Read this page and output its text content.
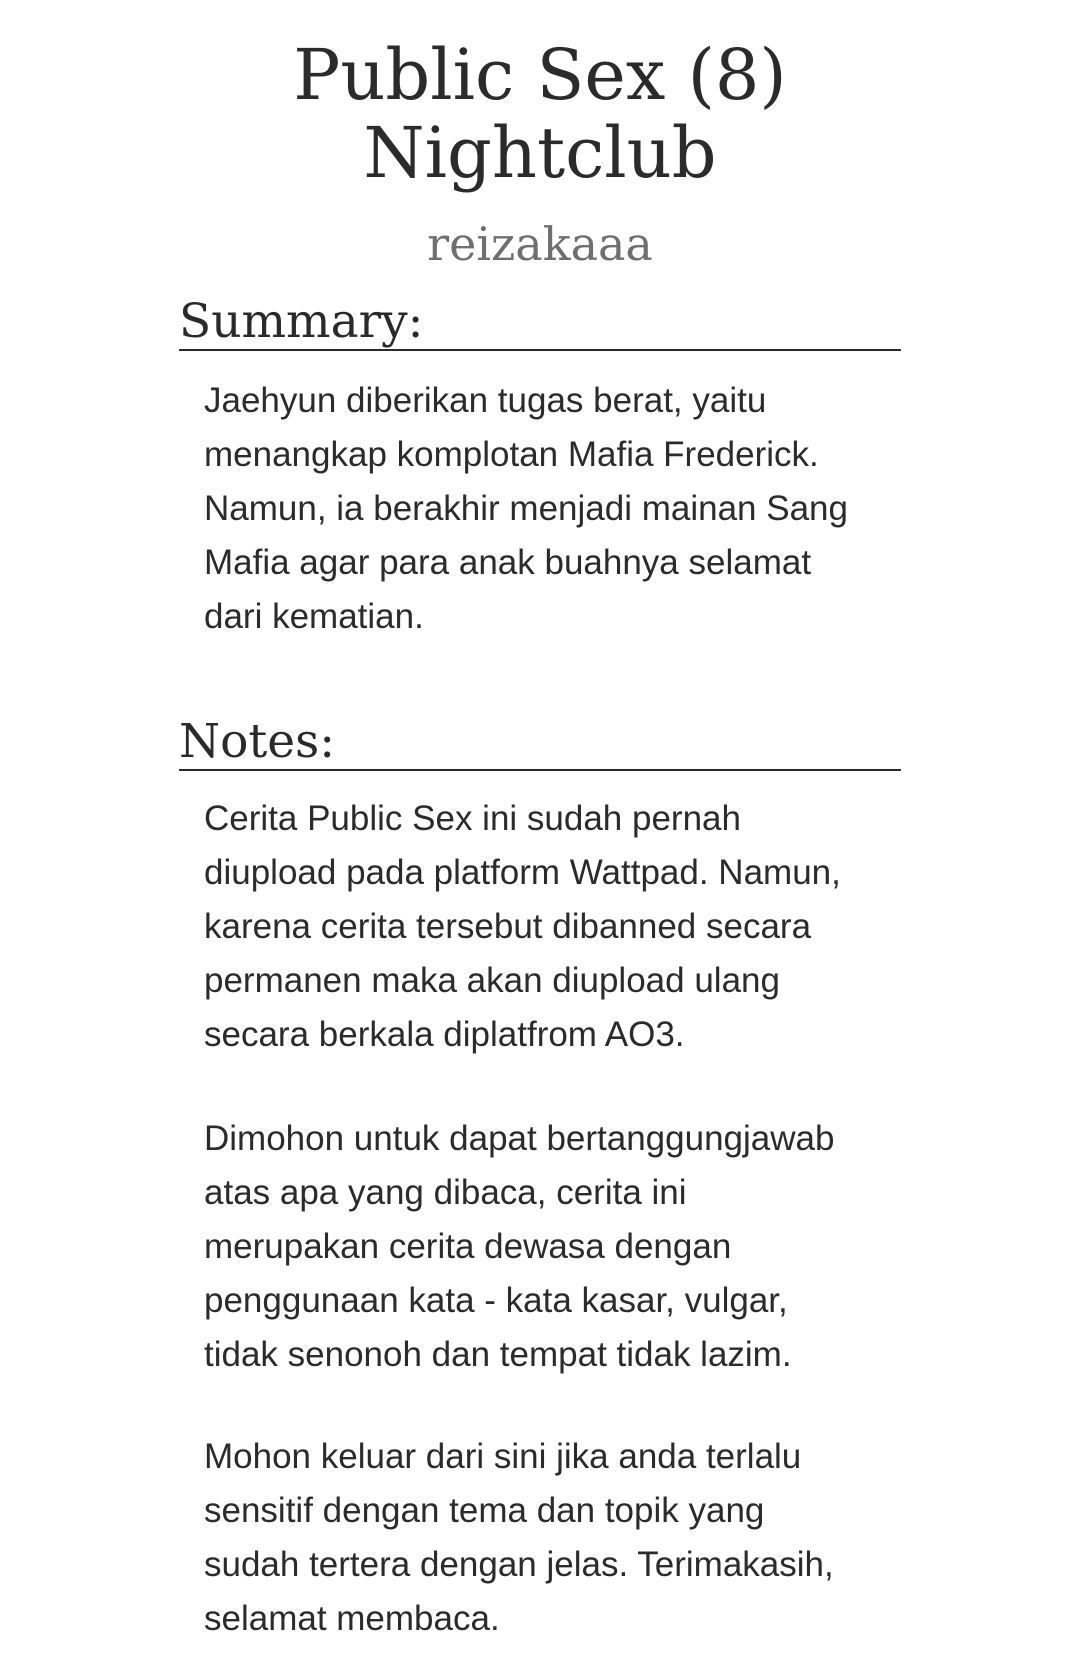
Public Sex (8)
Nightclub
reizakaaa
Summary:
Jaehyun diberikan tugas berat, yaitu
menangkap komplotan Mafia Frederick.
Namun, ia berakhir menjadi mainan Sang
Mafia agar para anak buahnya selamat
dari kematian.
Notes:
Cerita Public Sex ini sudah pernah
diupload pada platform Wattpad. Namun,
karena cerita tersebut dibanned secara
permanen maka akan diupload ulang
secara berkala diplatfrom AO3.
Dimohon untuk dapat bertanggungjawab
atas apa yang dibaca, cerita ini
merupakan cerita dewasa dengan
penggunaan kata - kata kasar, vulgar,
tidak senonoh dan tempat tidak lazim.
Mohon keluar dari sini jika anda terlalu
sensitif dengan tema dan topik yang
sudah tertera dengan jelas. Terimakasih,
selamat membaca.
